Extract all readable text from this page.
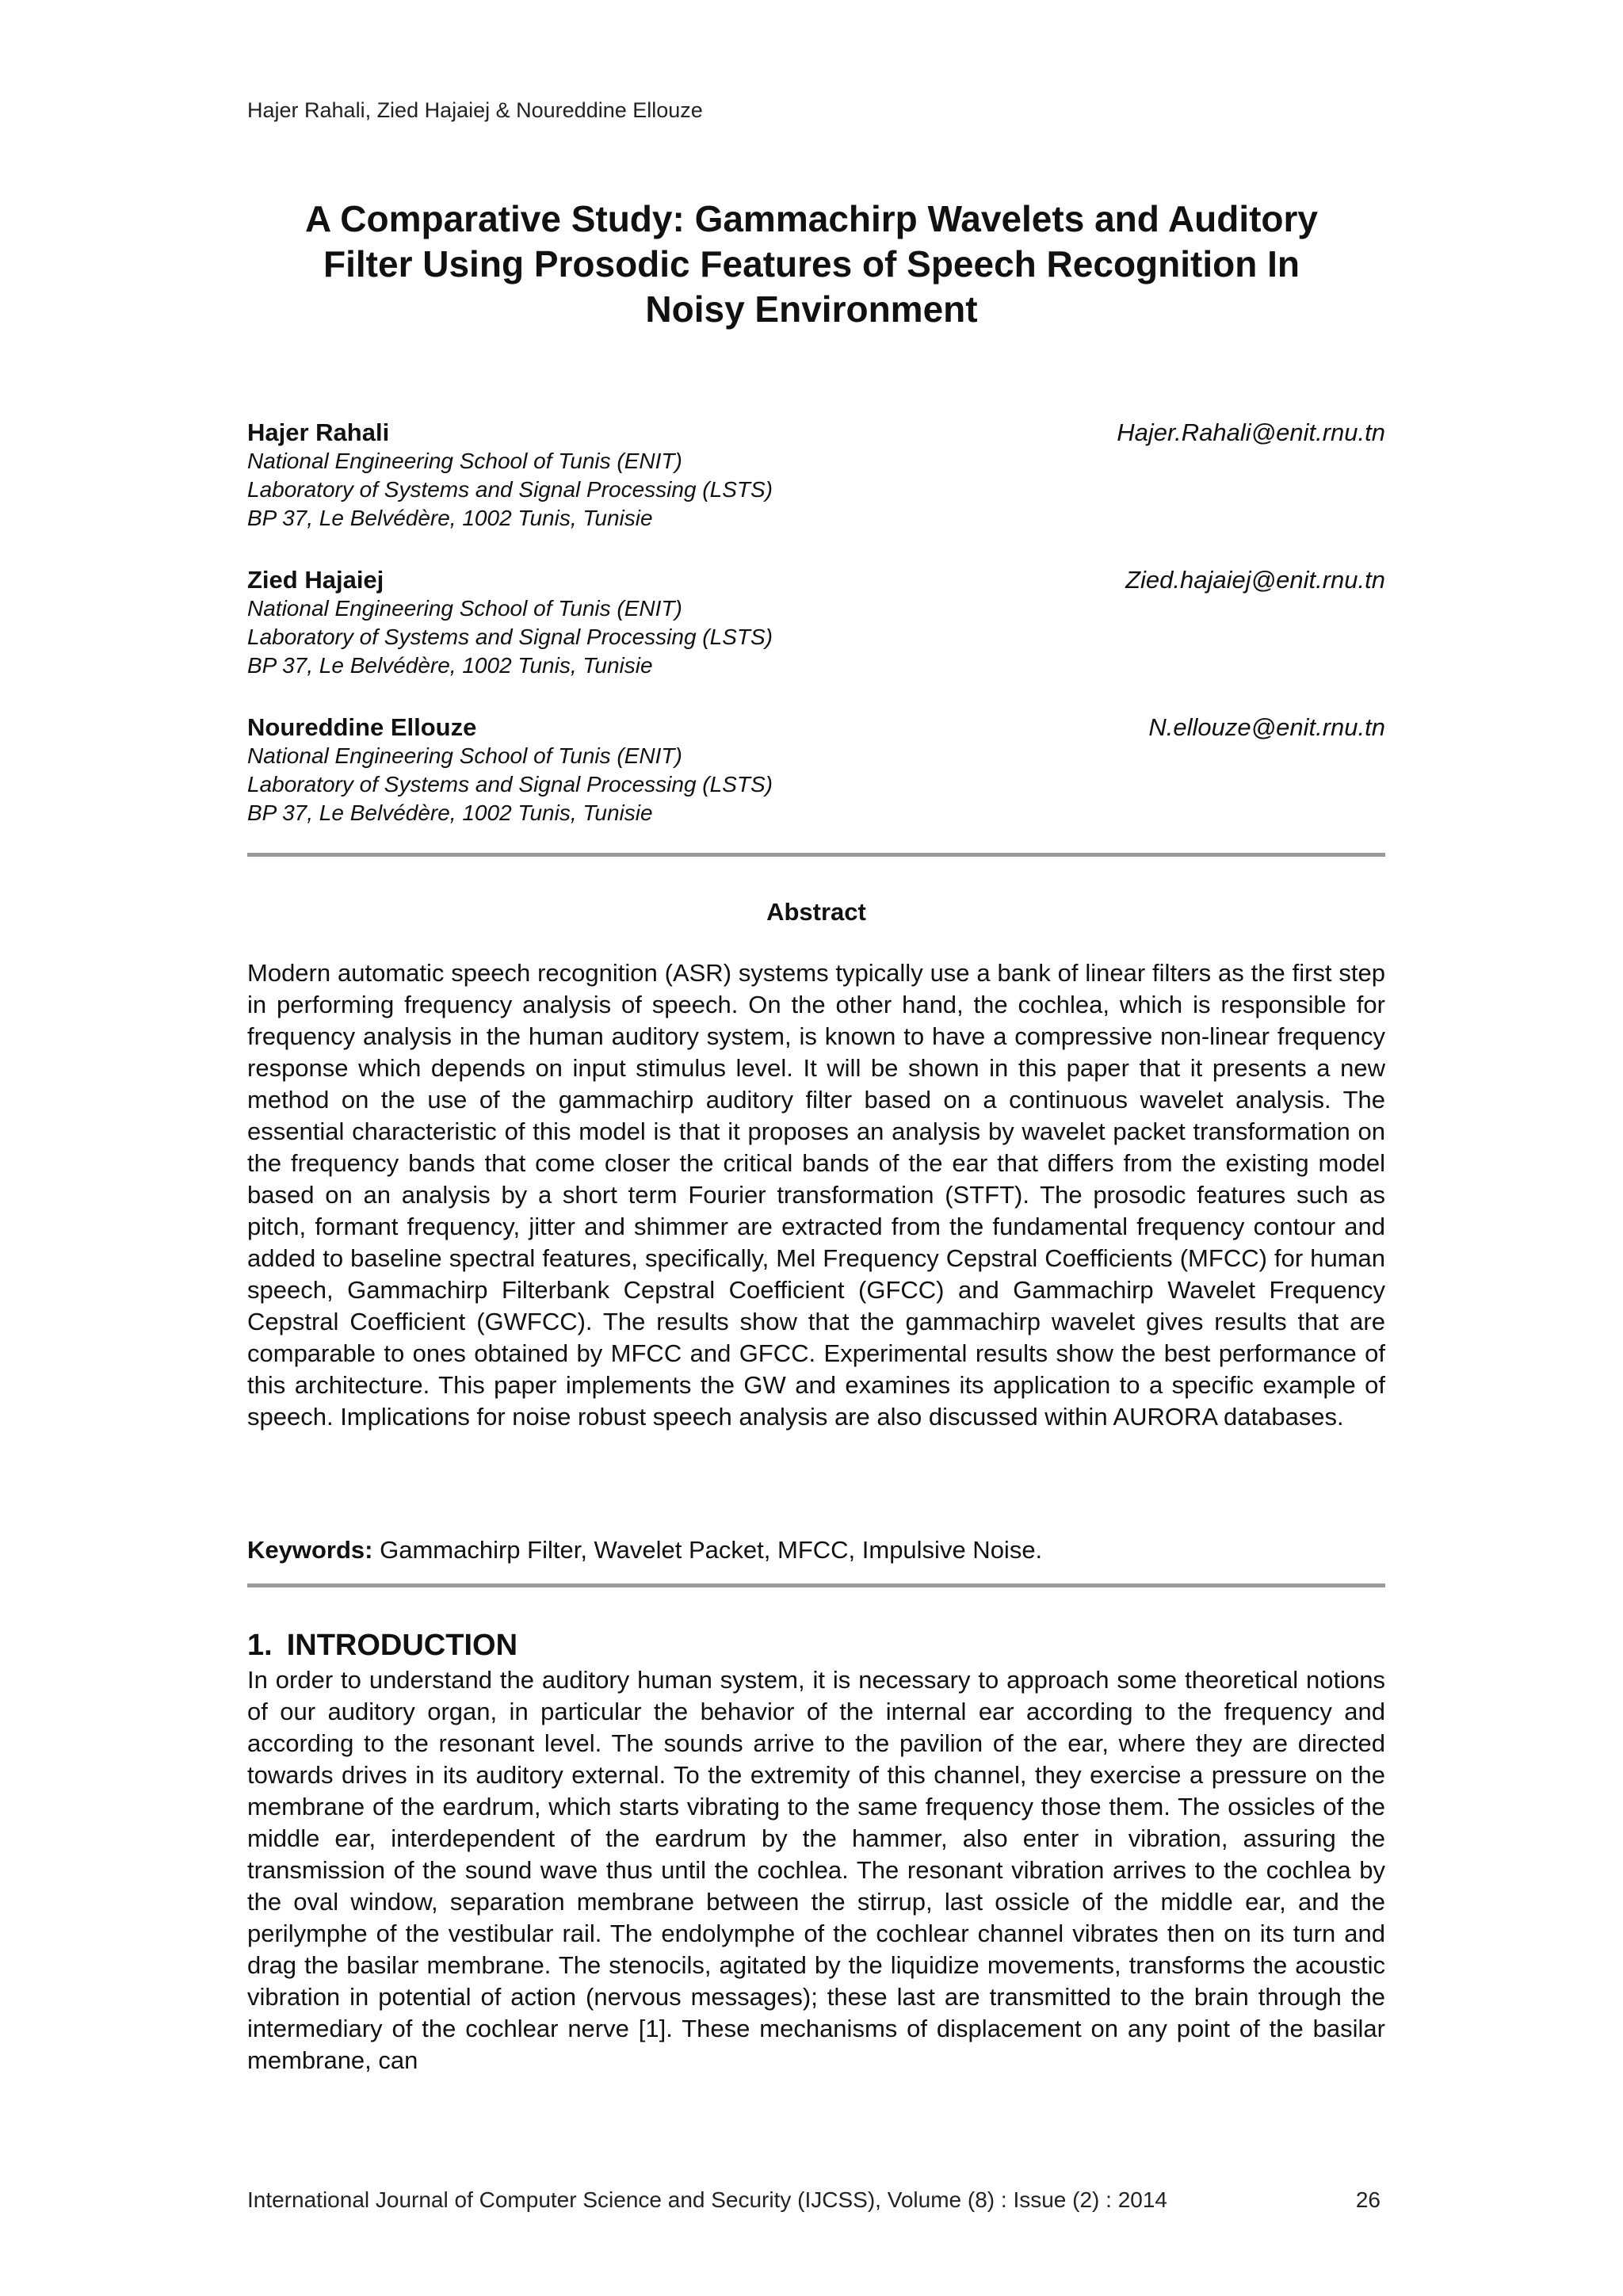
Hajer Rahali, Zied Hajaiej & Noureddine Ellouze
A Comparative Study: Gammachirp Wavelets and Auditory
Filter Using Prosodic Features of Speech Recognition In
Noisy Environment
Hajer Rahali	Hajer.Rahali@enit.rnu.tn
National Engineering School of Tunis (ENIT)
Laboratory of Systems and Signal Processing (LSTS)
BP 37, Le Belvédère, 1002 Tunis, Tunisie
Zied Hajaiej	Zied.hajaiej@enit.rnu.tn
National Engineering School of Tunis (ENIT)
Laboratory of Systems and Signal Processing (LSTS)
BP 37, Le Belvédère, 1002 Tunis, Tunisie
Noureddine Ellouze	N.ellouze@enit.rnu.tn
National Engineering School of Tunis (ENIT)
Laboratory of Systems and Signal Processing (LSTS)
BP 37, Le Belvédère, 1002 Tunis, Tunisie
Abstract

Modern automatic speech recognition (ASR) systems typically use a bank of linear filters as the first step in performing frequency analysis of speech. On the other hand, the cochlea, which is responsible for frequency analysis in the human auditory system, is known to have a compressive non-linear frequency response which depends on input stimulus level. It will be shown in this paper that it presents a new method on the use of the gammachirp auditory filter based on a continuous wavelet analysis. The essential characteristic of this model is that it proposes an analysis by wavelet packet transformation on the frequency bands that come closer the critical bands of the ear that differs from the existing model based on an analysis by a short term Fourier transformation (STFT). The prosodic features such as pitch, formant frequency, jitter and shimmer are extracted from the fundamental frequency contour and added to baseline spectral features, specifically, Mel Frequency Cepstral Coefficients (MFCC) for human speech, Gammachirp Filterbank Cepstral Coefficient (GFCC) and Gammachirp Wavelet Frequency Cepstral Coefficient (GWFCC). The results show that the gammachirp wavelet gives results that are comparable to ones obtained by MFCC and GFCC. Experimental results show the best performance of this architecture. This paper implements the GW and examines its application to a specific example of speech. Implications for noise robust speech analysis are also discussed within AURORA databases.

Keywords: Gammachirp Filter, Wavelet Packet, MFCC, Impulsive Noise.

1. INTRODUCTION

In order to understand the auditory human system, it is necessary to approach some theoretical notions of our auditory organ, in particular the behavior of the internal ear according to the frequency and according to the resonant level. The sounds arrive to the pavilion of the ear, where they are directed towards drives in its auditory external. To the extremity of this channel, they exercise a pressure on the membrane of the eardrum, which starts vibrating to the same frequency those them. The ossicles of the middle ear, interdependent of the eardrum by the hammer, also enter in vibration, assuring the transmission of the sound wave thus until the cochlea. The resonant vibration arrives to the cochlea by the oval window, separation membrane between the stirrup, last ossicle of the middle ear, and the perilymphe of the vestibular rail. The endolymphe of the cochlear channel vibrates then on its turn and drag the basilar membrane. The stenocils, agitated by the liquidize movements, transforms the acoustic vibration in potential of action (nervous messages); these last are transmitted to the brain through the intermediary of the cochlear nerve [1]. These mechanisms of displacement on any point of the basilar membrane, can

International Journal of Computer Science and Security (IJCSS), Volume (8) : Issue (2) : 2014	26
